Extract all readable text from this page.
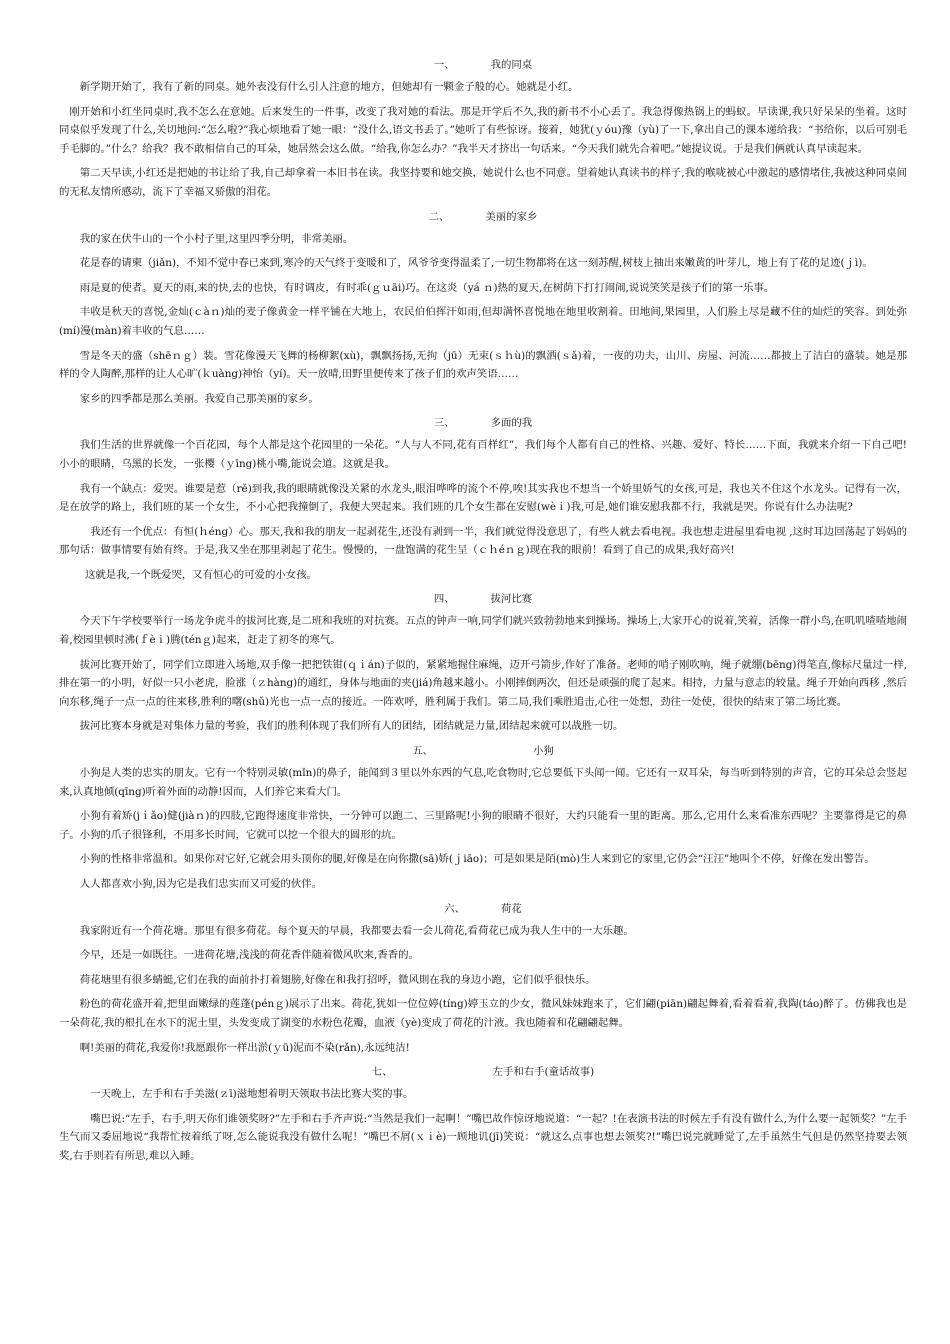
一、	我的同桌

新学期开始了，我有了新的同桌。她外表没有什么引人注意的地方，但她却有一颗金子般的心。她就是小红。

刚开始和小红坐同桌时,我不怎么在意她。后来发生的一件事，改变了我对她的看法。那是开学后不久,我的新书不小心丢了。我急得像热锅上的蚂蚁。早读课,我只好呆呆的坐着。这时同桌似乎发现了什么,关切地问:“怎么啦?”我心烦地看了她一眼：“没什么,语文书丢了。”她听了有些惊讶。接着，她犹(ｙóu)豫（yù)了一下,拿出自己的课本递给我：“书给你，以后可别毛手毛脚的。”什么？给我？我不敢相信自己的耳朵，她居然会这么做。“给我,你怎么办？”我半天才挤出一句话来。“今天我们就先合着吧。”她提议说。于是我们俩就认真早读起来。

第二天早读,小红还是把她的书让给了我,自己却拿着一本旧书在读。我坚持要和她交换，她说什么也不同意。望着她认真读书的样子,我的喉咙被心中激起的感情堵住,我被这种同桌间的无私友情所感动，流下了幸福又骄傲的泪花。

二、	美丽的家乡

我的家在伏牛山的一个小村子里,这里四季分明，非常美丽。

花是春的请柬（jiǎn)，不知不觉中春已来到,寒冷的天气终于变暖和了，风爷爷变得温柔了,一切生物都将在这一刻苏醒,树枝上抽出来嫩黄的叶芽儿，地上有了花的足迹(ｊì)。

雨是夏的使者。夏天的雨,来的快,去的也快，有时调皮，有时乖(ｇｕāi)巧。在这炎（yá ｎ)热的夏天,在树荫下打打闹闹,说说笑笑是孩子们的第一乐事。

丰收是秋天的喜悦,金灿(ｃàｎ)灿的麦子像黄金一样平铺在大地上，农民伯伯挥汗如雨,但却满怀喜悦地在地里收割着。田地间,果园里，人们脸上尽是藏不住的灿烂的笑容。到处弥(mí)漫(màn)着丰收的气息……

雪是冬天的盛（shēｎｇ）装。雪花像漫天飞舞的杨柳絮(xù)，飘飘扬扬,无拘（jū）无束(ｓｈù)的飘洒(ｓǎ)着，一夜的功夫，山川、房屋、河流……都披上了洁白的盛装。她是那样的令人陶醉,那样的让人心旷(ｋuàng)神怡（yí)。天一放晴,田野里便传来了孩子们的欢声笑语……

家乡的四季都是那么美丽。我爱自己那美丽的家乡。

三、	多面的我

我们生活的世界就像一个百花园，每个人都是这个花园里的一朵花。“人与人不同,花有百样红”，我们每个人都有自己的性格、兴趣、爱好、特长……下面，我就来介绍一下自己吧!小小的眼睛，乌黑的长发，一张樱（ｙīng)桃小嘴,能说会道。这就是我。

我有一个缺点：爱哭。谁要是惹（rě)到我,我的眼睛就像没关紧的水龙头,眼泪哗哗的流个不停,唉!其实我也不想当一个娇里娇气的女孩,可是，我也关不住这个水龙头。记得有一次，是在放学的路上，我们班的某一个女生，不小心把我撞倒了，我便大哭起来。我们班的几个女生都在安慰(wèｉ)我,可是,她们谁安慰我都不行，我就是哭。你说有什么办法呢?

我还有一个优点：有恒(ｈéng）心。那天,我和我的朋友一起剥花生,还没有剥到一半，我们就觉得没意思了，有些人就去看电视。我也想走进屋里看电视 ,这时耳边回荡起了妈妈的那句话：做事情要有始有终。于是,我又坐在那里剥起了花生。慢慢的，一盘饱满的花生呈（ｃｈéｎｇ)现在我的眼前！看到了自己的成果,我好高兴!

这就是我,一个既爱哭，又有恒心的可爱的小女孩。

四、	拔河比赛

今天下午学校要举行一场龙争虎斗的拔河比赛,是二班和我班的对抗赛。五点的钟声一响,同学们就兴致勃勃地来到操场。操场上,大家开心的说着,笑着，活像一群小鸟,在叽叽喳喳地闹着,校园里顿时沸(ｆèｉ)腾(ténｇ)起来，赶走了初冬的寒气。

拔河比赛开始了，同学们立即进入场地,双手像一把把铁钳(ｑｉán)子似的，紧紧地握住麻绳，迈开弓箭步,作好了准备。老师的哨子刚吹响，绳子就绷(bēng)得笔直,像标尺量过一样,排在第一的小明，好似一只小老虎，脸涨（ｚhàng)的通红，身体与地面的夹(jiá)角越来越小。小刚摔倒两次，但还是顽强的爬了起来。相持，力量与意志的较量。绳子开始向西移 ,然后向东移,绳子一点一点的往来移,胜利的曙(shǔ)光也一点一点的接近。一阵欢呼，胜利属于我们。第二局,我们乘胜追击,心往一处想，劲往一处使，很快的结束了第二场比赛。

拔河比赛本身就是对集体力量的考验，我们的胜利体现了我们所有人的团结，团结就是力量,团结起来就可以战胜一切。

五、	小狗

小狗是人类的忠实的朋友。它有一个特别灵敏(mǐn)的鼻子，能闻到３里以外东西的气息,吃食物时,它总要低下头闻一闻。它还有一双耳朵，每当听到特别的声音，它的耳朵总会竖起来,认真地倾(qīng)听着外面的动静!因而，人们养它来看大门。

小狗有着矫(jｉǎo)健(jiàｎ)的四肢,它跑得速度非常快，一分钟可以跑二、三里路呢!小狗的眼睛不很好，大约只能看一里的距离。那么,它用什么来看准东西呢？主要靠得是它的鼻子。小狗的爪子很锋利，不用多长时间，它就可以挖一个很大的圆形的坑。

小狗的性格非常温和。如果你对它好,它就会用头顶你的腿,好像是在向你撒(sā)娇(ｊiāo)；可是如果是陌(mò)生人来到它的家里,它仍会“汪汪”地叫个不停，好像在发出警告。

人人都喜欢小狗,因为它是我们忠实而又可爱的伙伴。

六、	荷花

我家附近有一个荷花塘。那里有很多荷花。每个夏天的早晨，我都要去看一会儿荷花,看荷花已成为我人生中的一大乐趣。

今早，还是一如既往。一进荷花塘,浅浅的荷花香伴随着微风吹来,香香的。

荷花塘里有很多蜻蜓,它们在我的面前扑打着翅膀,好像在和我打招呼，微风則在我的身边小跑，它们似乎很快乐。

粉色的荷花盛开着,把里面嫩绿的莲蓬(pénｇ)展示了出来。荷花,犹如一位位婷(tíng)婷玉立的少女，微风妹妹跑来了，它们翩(piān)翩起舞着,看着看着,我陶(táo)醉了。仿佛我也是一朵荷花,我的根扎在水下的泥土里，头发变成了湖变的水粉色花瓣，血液（yè)变成了荷花的汁液。我也随着和花翩翩起舞。

啊!美丽的荷花,我爱你!我愿跟你一样出淤(ｙū)泥而不染(rǎn),永远纯洁!

七、	左手和右手(童话故事)

一天晚上，左手和右手美滋(ｚī)滋地想着明天领取书法比赛大奖的事。

嘴巴说:“左手，右手,明天你们谁领奖呀?”左手和右手齐声说:“当然是我们一起啊！”嘴巴故作惊讶地说道：“一起？!在表演书法的时候左手有没有做什么,为什么要一起领奖？”左手生气而又委屈地说“我帮忙按着纸了呀,怎么能说我没有做什么呢！”嘴巴不屑(ｘｉè)一顾地讥(jī)笑说：“就这么点事也想去领奖?!”嘴巴说完就睡觉了,左手虽然生气但是仍然坚持要去领奖,右手则若有所思,难以入睡。
